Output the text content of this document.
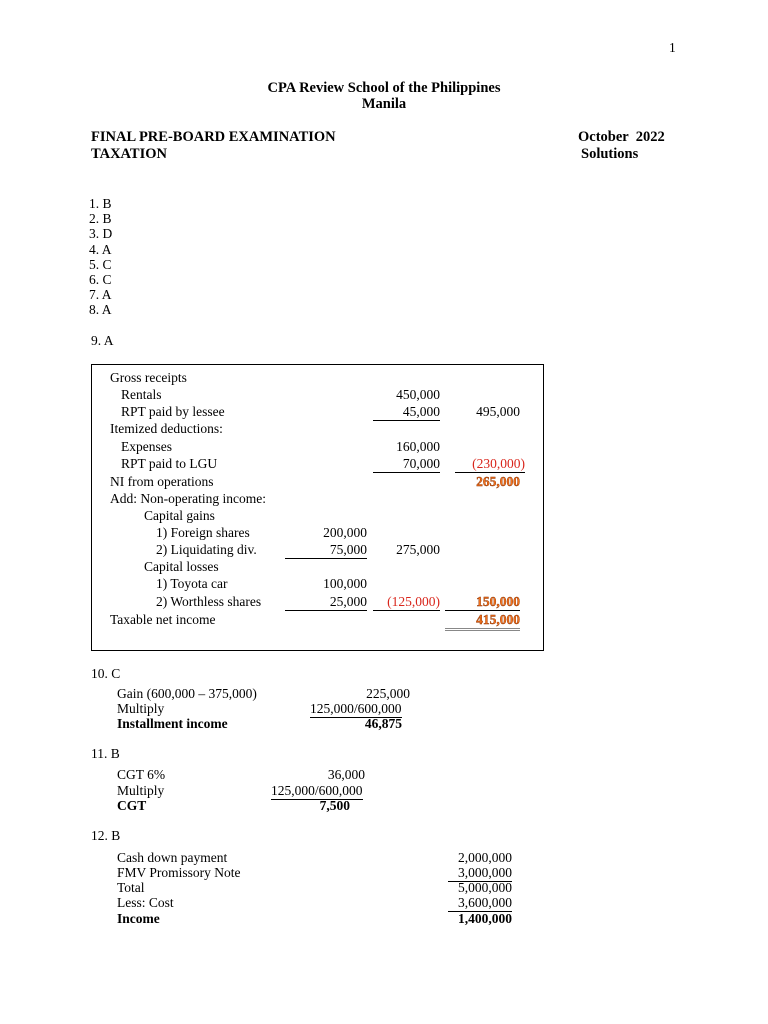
1
CPA Review School of the Philippines
Manila
FINAL PRE-BOARD EXAMINATION
TAXATION
October  2022
Solutions
1. B
2. B
3. D
4. A
5. C
6. C
7. A
8. A
9. A
Gross receipts
Rentals	450,000
RPT paid by lessee	45,000	495,000
Itemized deductions:
Expenses	160,000
RPT paid to LGU	70,000	(230,000)
NI from operations	265,000
Add: Non-operating income:
Capital gains
1) Foreign shares	200,000
2) Liquidating div.	75,000	275,000
Capital losses
1) Toyota car	100,000
2) Worthless shares	25,000	(125,000)	150,000
Taxable net income	415,000
10. C
Gain (600,000 – 375,000)	225,000
Multiply	125,000/600,000
Installment income	46,875
11. B
CGT 6%	36,000
Multiply	125,000/600,000
CGT	7,500
12. B
Cash down payment	2,000,000
FMV Promissory Note	3,000,000
Total	5,000,000
Less: Cost	3,600,000
Income	1,400,000
